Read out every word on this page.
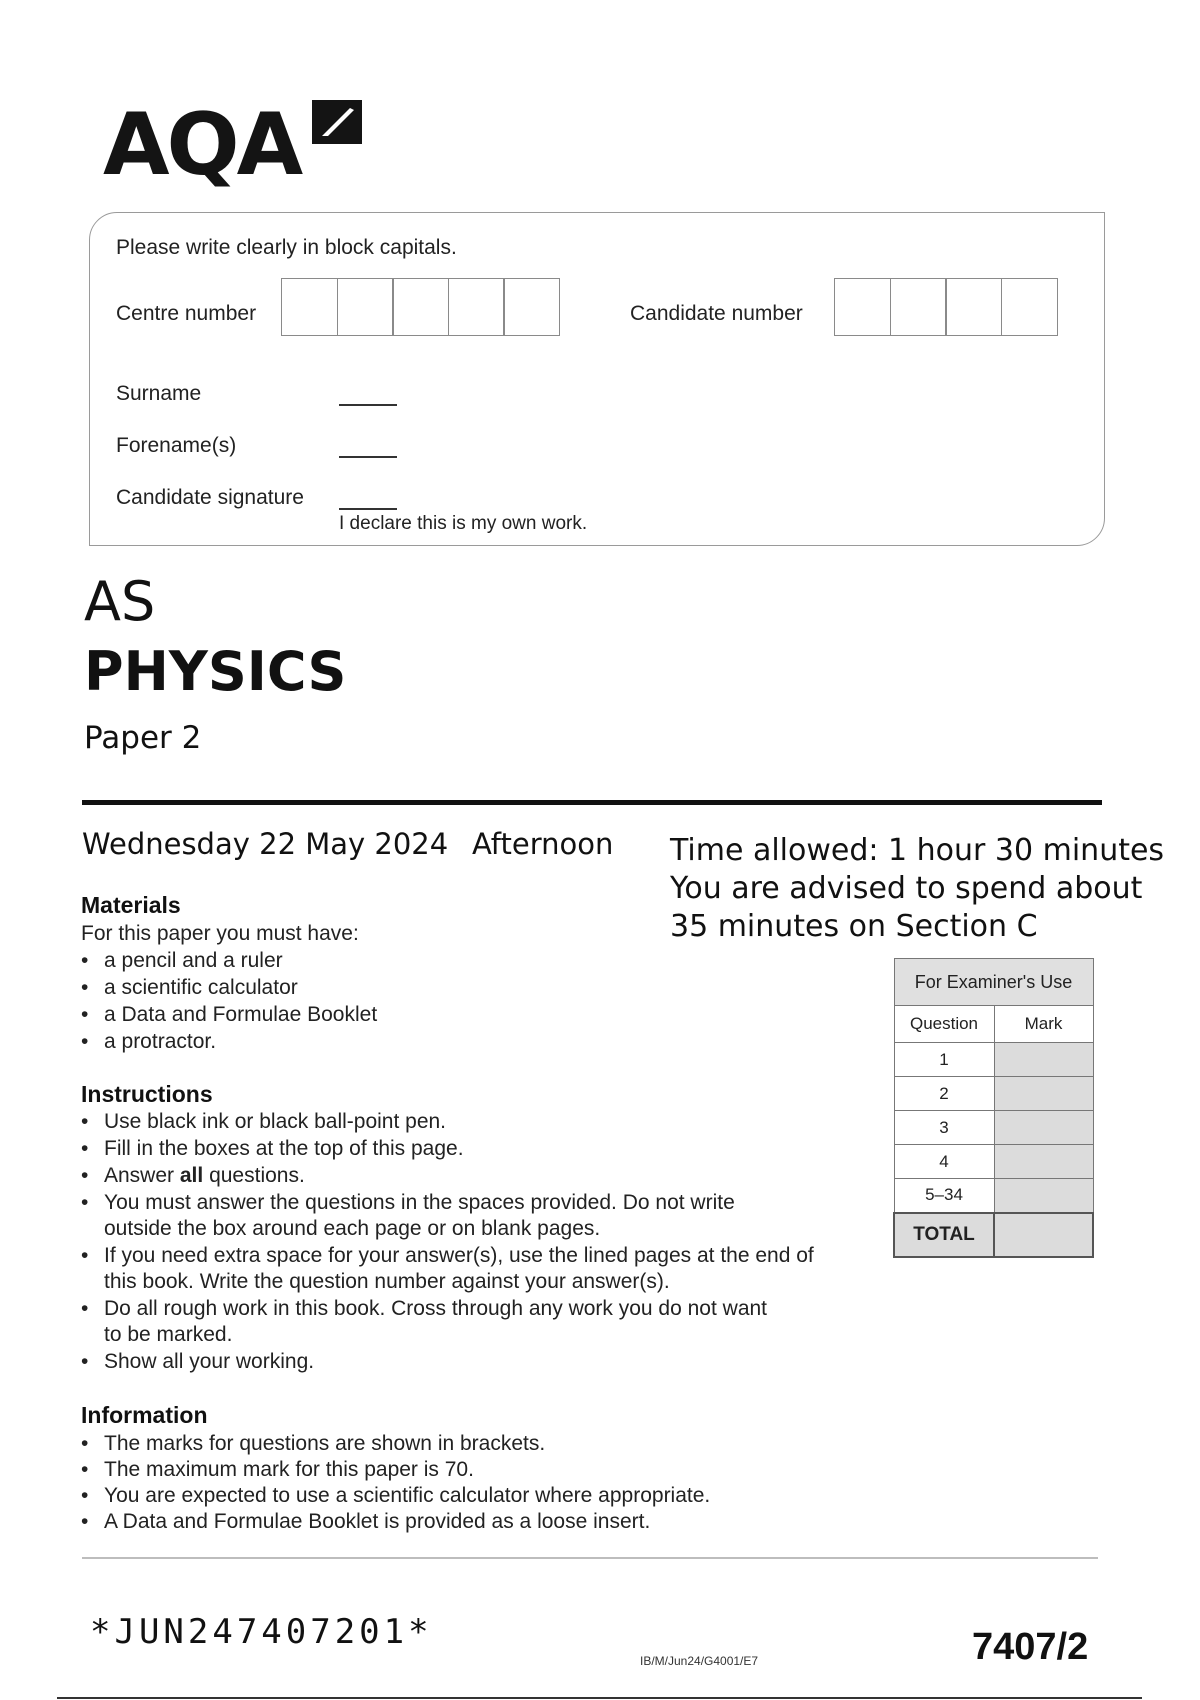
AQA
Please write clearly in block capitals.
Centre number	Candidate number
Surname
Forename(s)
Candidate signature
I declare this is my own work.
AS
PHYSICS
Paper 2
Wednesday 22 May 2024 Afternoon Time allowed: 1 hour 30 minutes
You are advised to spend about
35 minutes on Section C
Materials
For this paper you must have:
• a pencil and a ruler
• a scientific calculator
• a Data and Formulae Booklet
• a protractor.
Instructions
• Use black ink or black ball-point pen.
• Fill in the boxes at the top of this page.
• Answer all questions.
• You must answer the questions in the spaces provided. Do not write
outside the box around each page or on blank pages.
• If you need extra space for your answer(s), use the lined pages at the end of
this book. Write the question number against your answer(s).
• Do all rough work in this book. Cross through any work you do not want
to be marked.
• Show all your working.
Information
• The marks for questions are shown in brackets.
• The maximum mark for this paper is 70.
• You are expected to use a scientific calculator where appropriate.
• A Data and Formulae Booklet is provided as a loose insert.
For Examiner's Use	
Question	Mark
1	
2	
3	
4	
5–34	
TOTAL	
*JUN247407201*
IB/M/Jun24/G4001/E7	7407/2
